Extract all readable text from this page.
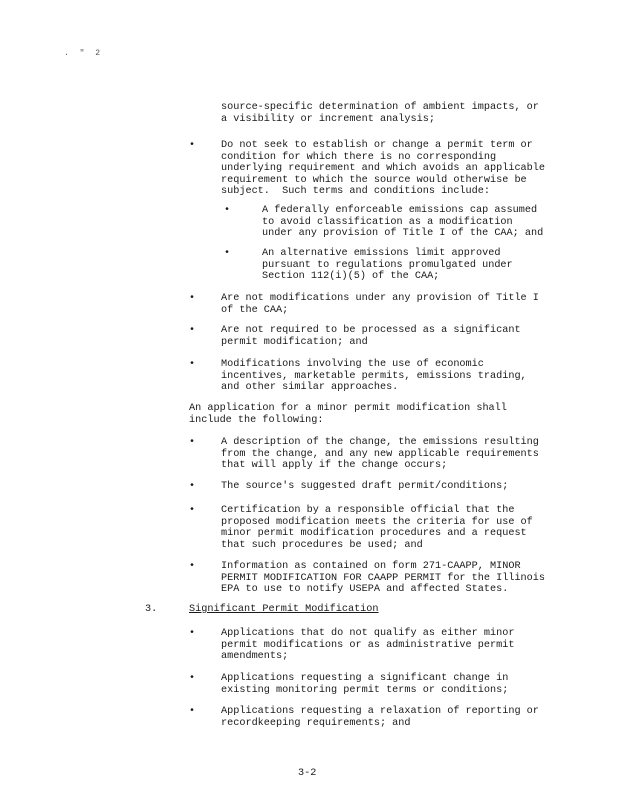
. " 2
source-specific determination of ambient impacts, or
a visibility or increment analysis;
•	Do not seek to establish or change a permit term or
condition for which there is no corresponding
underlying requirement and which avoids an applicable
requirement to which the source would otherwise be
subject.  Such terms and conditions include:
•	A federally enforceable emissions cap assumed
to avoid classification as a modification
under any provision of Title I of the CAA; and
•	An alternative emissions limit approved
pursuant to regulations promulgated under
Section 112(i)(5) of the CAA;
•	Are not modifications under any provision of Title I
of the CAA;
•	Are not required to be processed as a significant
permit modification; and
•	Modifications involving the use of economic
incentives, marketable permits, emissions trading,
and other similar approaches.
An application for a minor permit modification shall
include the following:
•	A description of the change, the emissions resulting
from the change, and any new applicable requirements
that will apply if the change occurs;
•	The source's suggested draft permit/conditions;
•	Certification by a responsible official that the
proposed modification meets the criteria for use of
minor permit modification procedures and a request
that such procedures be used; and
•	Information as contained on form 271-CAAPP, MINOR
PERMIT MODIFICATION FOR CAAPP PERMIT for the Illinois
EPA to use to notify USEPA and affected States.
3.	Significant Permit Modification
•	Applications that do not qualify as either minor
permit modifications or as administrative permit
amendments;
•	Applications requesting a significant change in
existing monitoring permit terms or conditions;
•	Applications requesting a relaxation of reporting or
recordkeeping requirements; and
3-2
